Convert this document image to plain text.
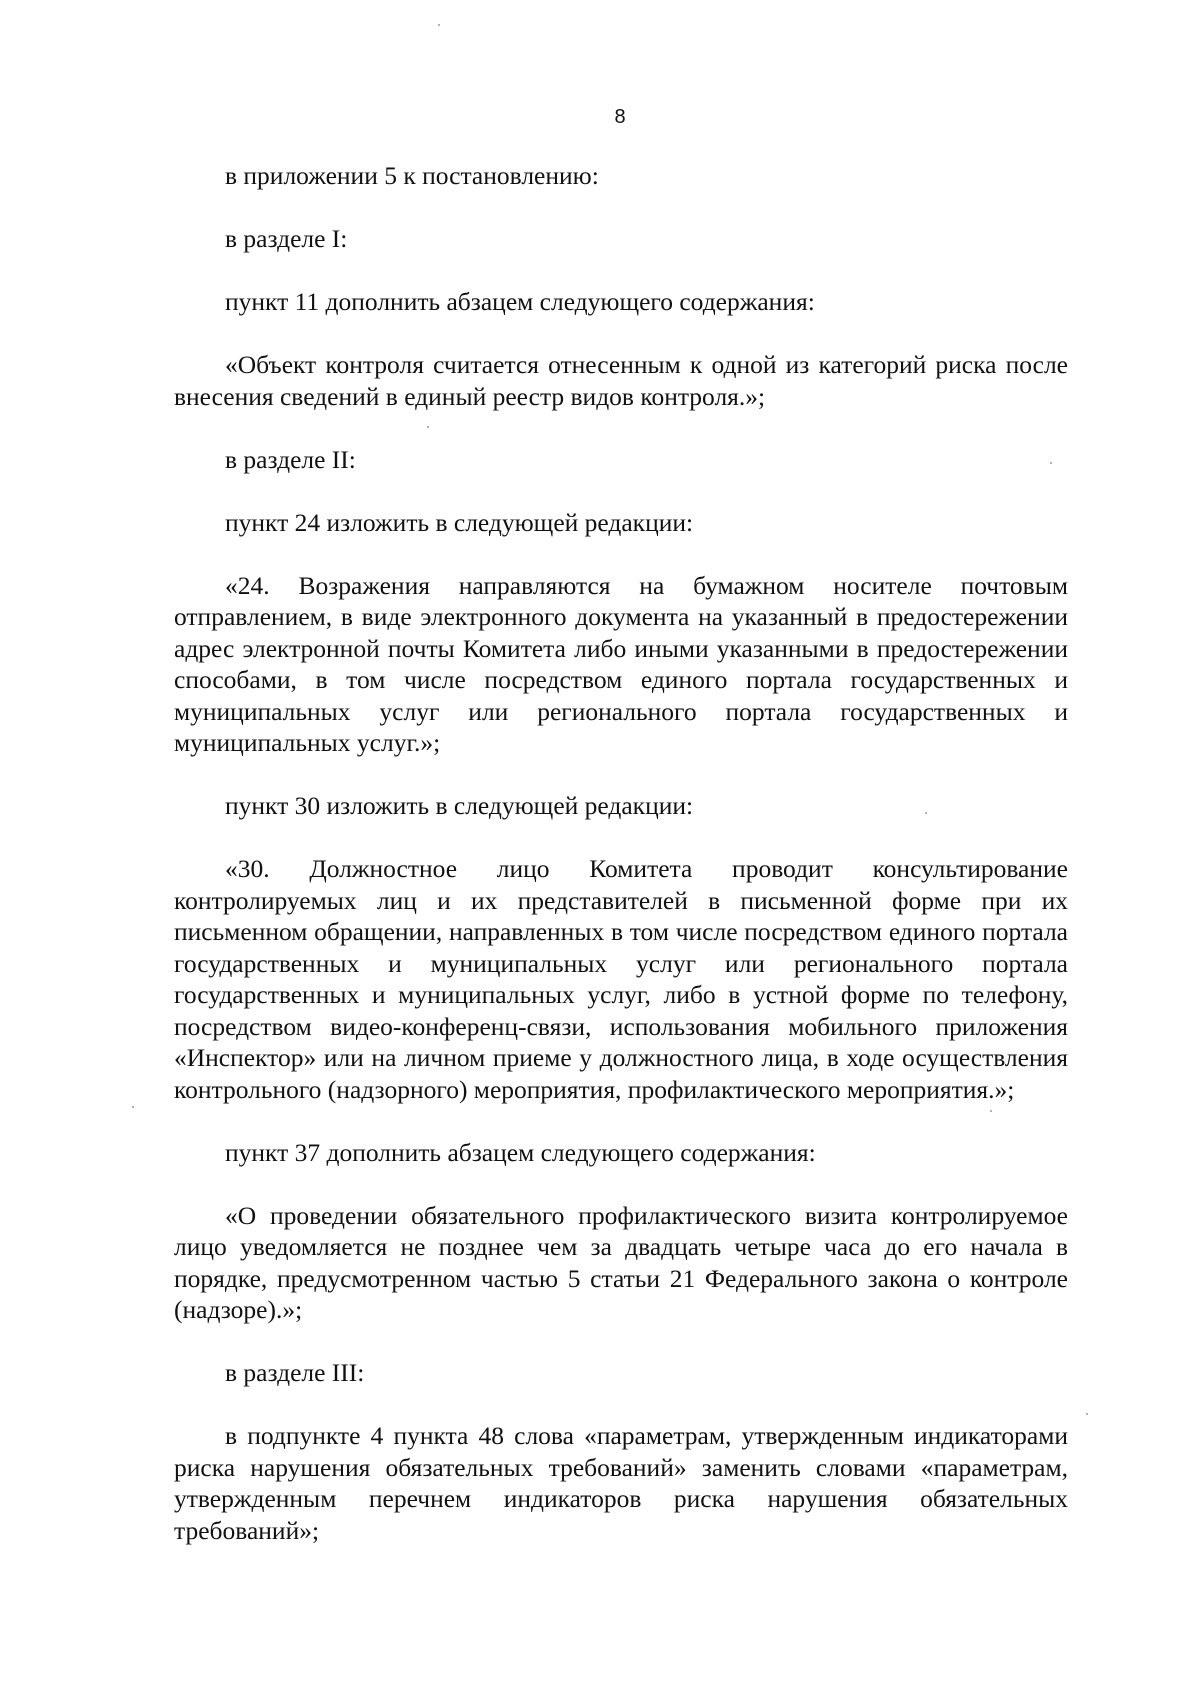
8

в приложении 5 к постановлению:

в разделе I:

пункт 11 дополнить абзацем следующего содержания:

«Объект контроля считается отнесенным к одной из категорий риска после внесения сведений в единый реестр видов контроля.»;

в разделе II:

пункт 24 изложить в следующей редакции:

«24. Возражения направляются на бумажном носителе почтовым отправлением, в виде электронного документа на указанный в предостережении адрес электронной почты Комитета либо иными указанными в предостережении способами, в том числе посредством единого портала государственных и муниципальных услуг или регионального портала государственных и муниципальных услуг.»;

пункт 30 изложить в следующей редакции:

«30. Должностное лицо Комитета проводит консультирование контролируемых лиц и их представителей в письменной форме при их письменном обращении, направленных в том числе посредством единого портала государственных и муниципальных услуг или регионального портала государственных и муниципальных услуг, либо в устной форме по телефону, посредством видео-конференц-связи, использования мобильного приложения «Инспектор» или на личном приеме у должностного лица, в ходе осуществления контрольного (надзорного) мероприятия, профилактического мероприятия.»;

пункт 37 дополнить абзацем следующего содержания:

«О проведении обязательного профилактического визита контролируемое лицо уведомляется не позднее чем за двадцать четыре часа до его начала в порядке, предусмотренном частью 5 статьи 21 Федерального закона о контроле (надзоре).»;

в разделе III:

в подпункте 4 пункта 48 слова «параметрам, утвержденным индикаторами риска нарушения обязательных требований» заменить словами «параметрам, утвержденным перечнем индикаторов риска нарушения обязательных требований»;
